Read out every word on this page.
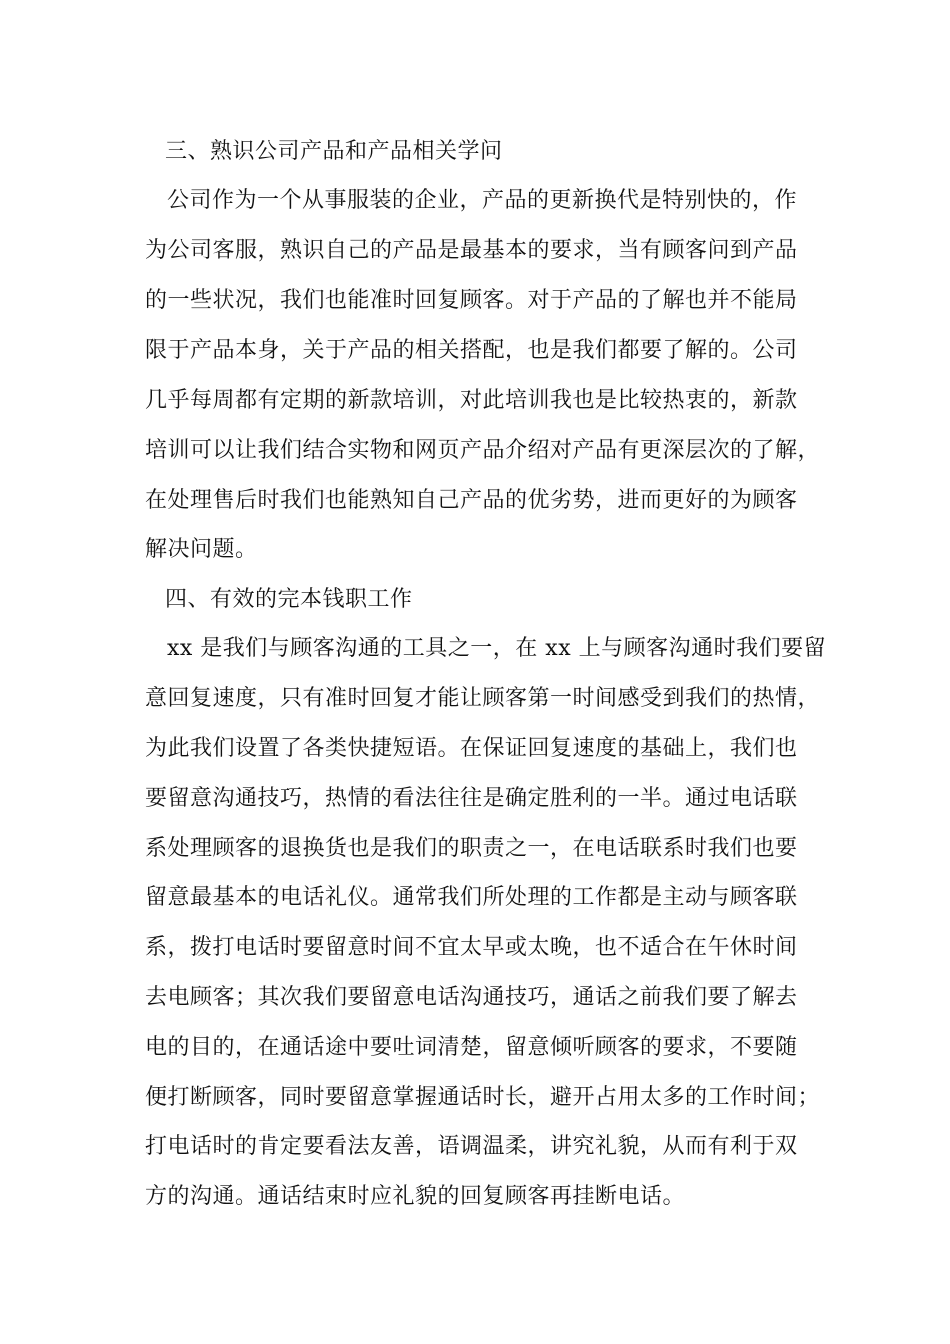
三、熟识公司产品和产品相关学问
公司作为一个从事服装的企业，产品的更新换代是特别快的，作
为公司客服，熟识自己的产品是最基本的要求，当有顾客问到产品
的一些状况，我们也能准时回复顾客。对于产品的了解也并不能局
限于产品本身，关于产品的相关搭配，也是我们都要了解的。公司
几乎每周都有定期的新款培训，对此培训我也是比较热衷的，新款
培训可以让我们结合实物和网页产品介绍对产品有更深层次的了解，
在处理售后时我们也能熟知自己产品的优劣势，进而更好的为顾客
解决问题。
四、有效的完本钱职工作
xx 是我们与顾客沟通的工具之一，在 xx 上与顾客沟通时我们要留
意回复速度，只有准时回复才能让顾客第一时间感受到我们的热情，
为此我们设置了各类快捷短语。在保证回复速度的基础上，我们也
要留意沟通技巧，热情的看法往往是确定胜利的一半。通过电话联
系处理顾客的退换货也是我们的职责之一，在电话联系时我们也要
留意最基本的电话礼仪。通常我们所处理的工作都是主动与顾客联
系，拨打电话时要留意时间不宜太早或太晚，也不适合在午休时间
去电顾客；其次我们要留意电话沟通技巧，通话之前我们要了解去
电的目的，在通话途中要吐词清楚，留意倾听顾客的要求，不要随
便打断顾客，同时要留意掌握通话时长，避开占用太多的工作时间；
打电话时的肯定要看法友善，语调温柔，讲究礼貌，从而有利于双
方的沟通。通话结束时应礼貌的回复顾客再挂断电话。
